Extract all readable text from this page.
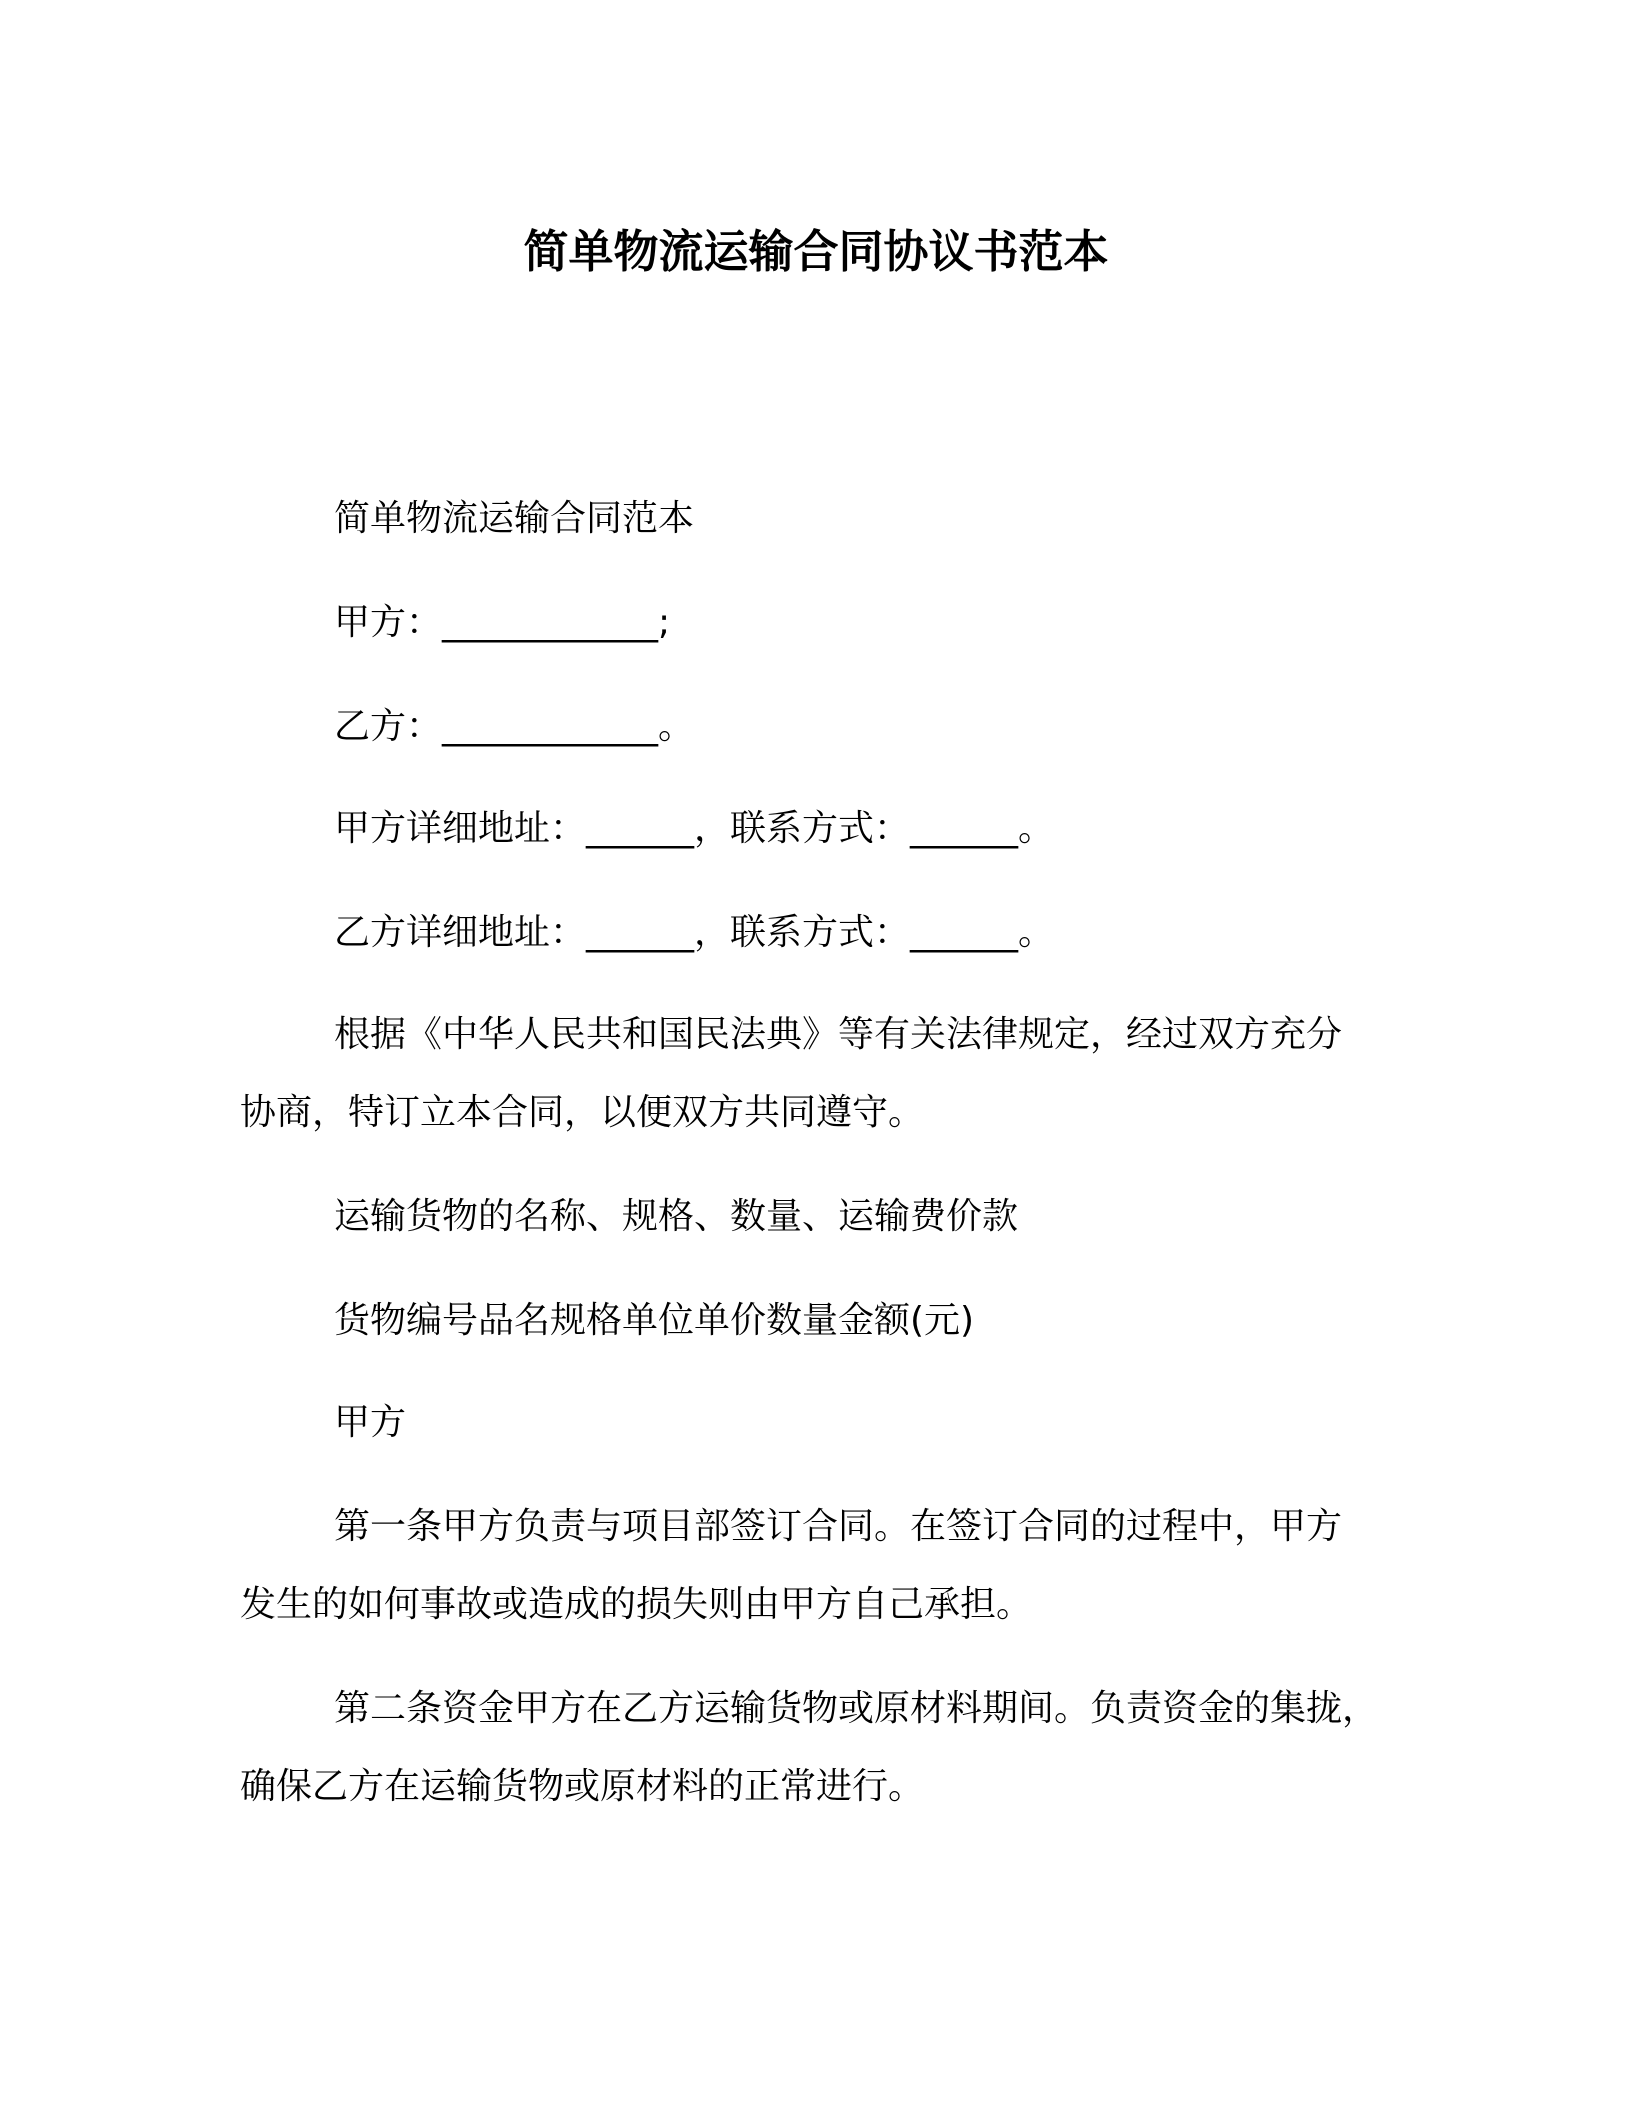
简单物流运输合同协议书范本
简单物流运输合同范本
甲方：____________;
乙方：____________。
甲方详细地址：______，联系方式：______。
乙方详细地址：______，联系方式：______。
根据《中华人民共和国民法典》等有关法律规定，经过双方充分
协商，特订立本合同，以便双方共同遵守。
运输货物的名称、规格、数量、运输费价款
货物编号品名规格单位单价数量金额(元)
甲方
第一条甲方负责与项目部签订合同。在签订合同的过程中，甲方
发生的如何事故或造成的损失则由甲方自己承担。
第二条资金甲方在乙方运输货物或原材料期间。负责资金的集拢，
确保乙方在运输货物或原材料的正常进行。
